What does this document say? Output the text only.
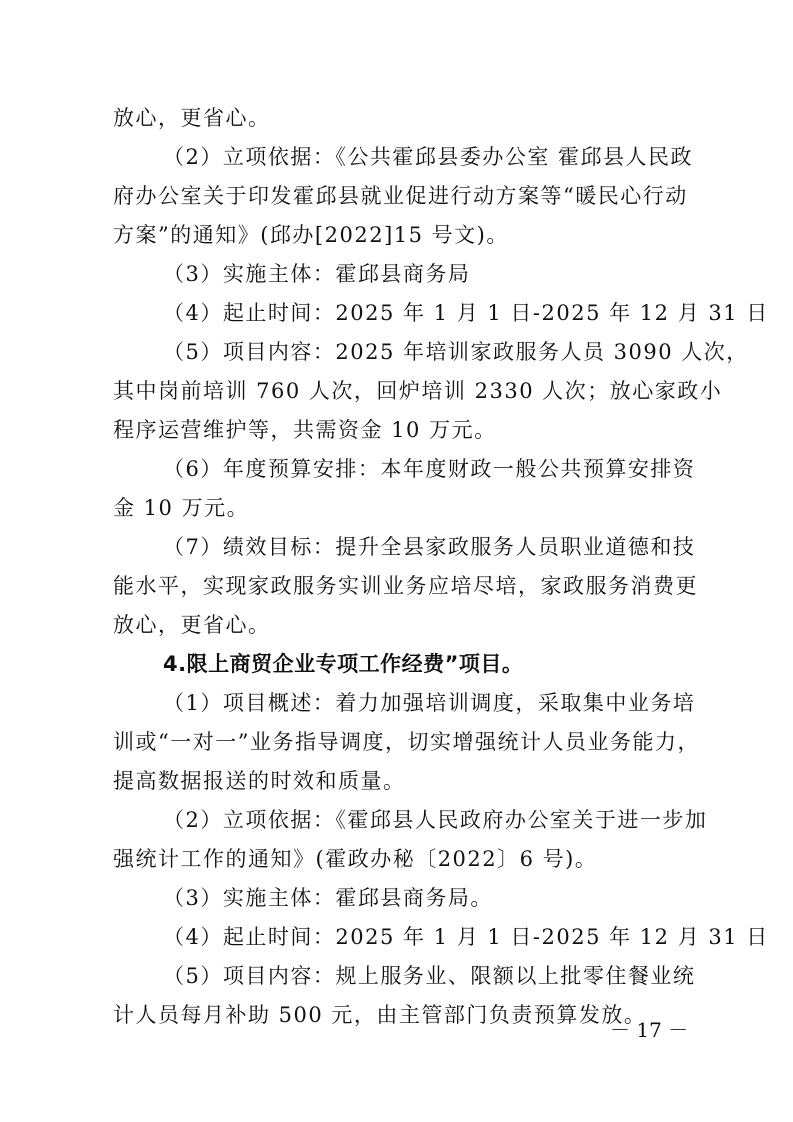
放心，更省心。
（2）立项依据：《公共霍邱县委办公室 霍邱县人民政
府办公室关于印发霍邱县就业促进行动方案等“暖民心行动
方案”的通知》(邱办[2022]15 号文)。
（3）实施主体：霍邱县商务局
（4）起止时间：2025 年 1 月 1 日-2025 年 12 月 31 日
（5）项目内容：2025 年培训家政服务人员 3090 人次，
其中岗前培训 760 人次，回炉培训 2330 人次；放心家政小
程序运营维护等，共需资金 10 万元。
（6）年度预算安排：本年度财政一般公共预算安排资
金 10 万元。
（7）绩效目标：提升全县家政服务人员职业道德和技
能水平，实现家政服务实训业务应培尽培，家政服务消费更
放心，更省心。
4.限上商贸企业专项工作经费”项目。
（1）项目概述：着力加强培训调度，采取集中业务培
训或“一对一”业务指导调度，切实增强统计人员业务能力，
提高数据报送的时效和质量。
（2）立项依据：《霍邱县人民政府办公室关于进一步加
强统计工作的通知》(霍政办秘〔2022〕6 号)。
（3）实施主体：霍邱县商务局。
（4）起止时间：2025 年 1 月 1 日-2025 年 12 月 31 日
（5）项目内容：规上服务业、限额以上批零住餐业统
计人员每月补助 500 元，由主管部门负责预算发放。
－ 17 －
